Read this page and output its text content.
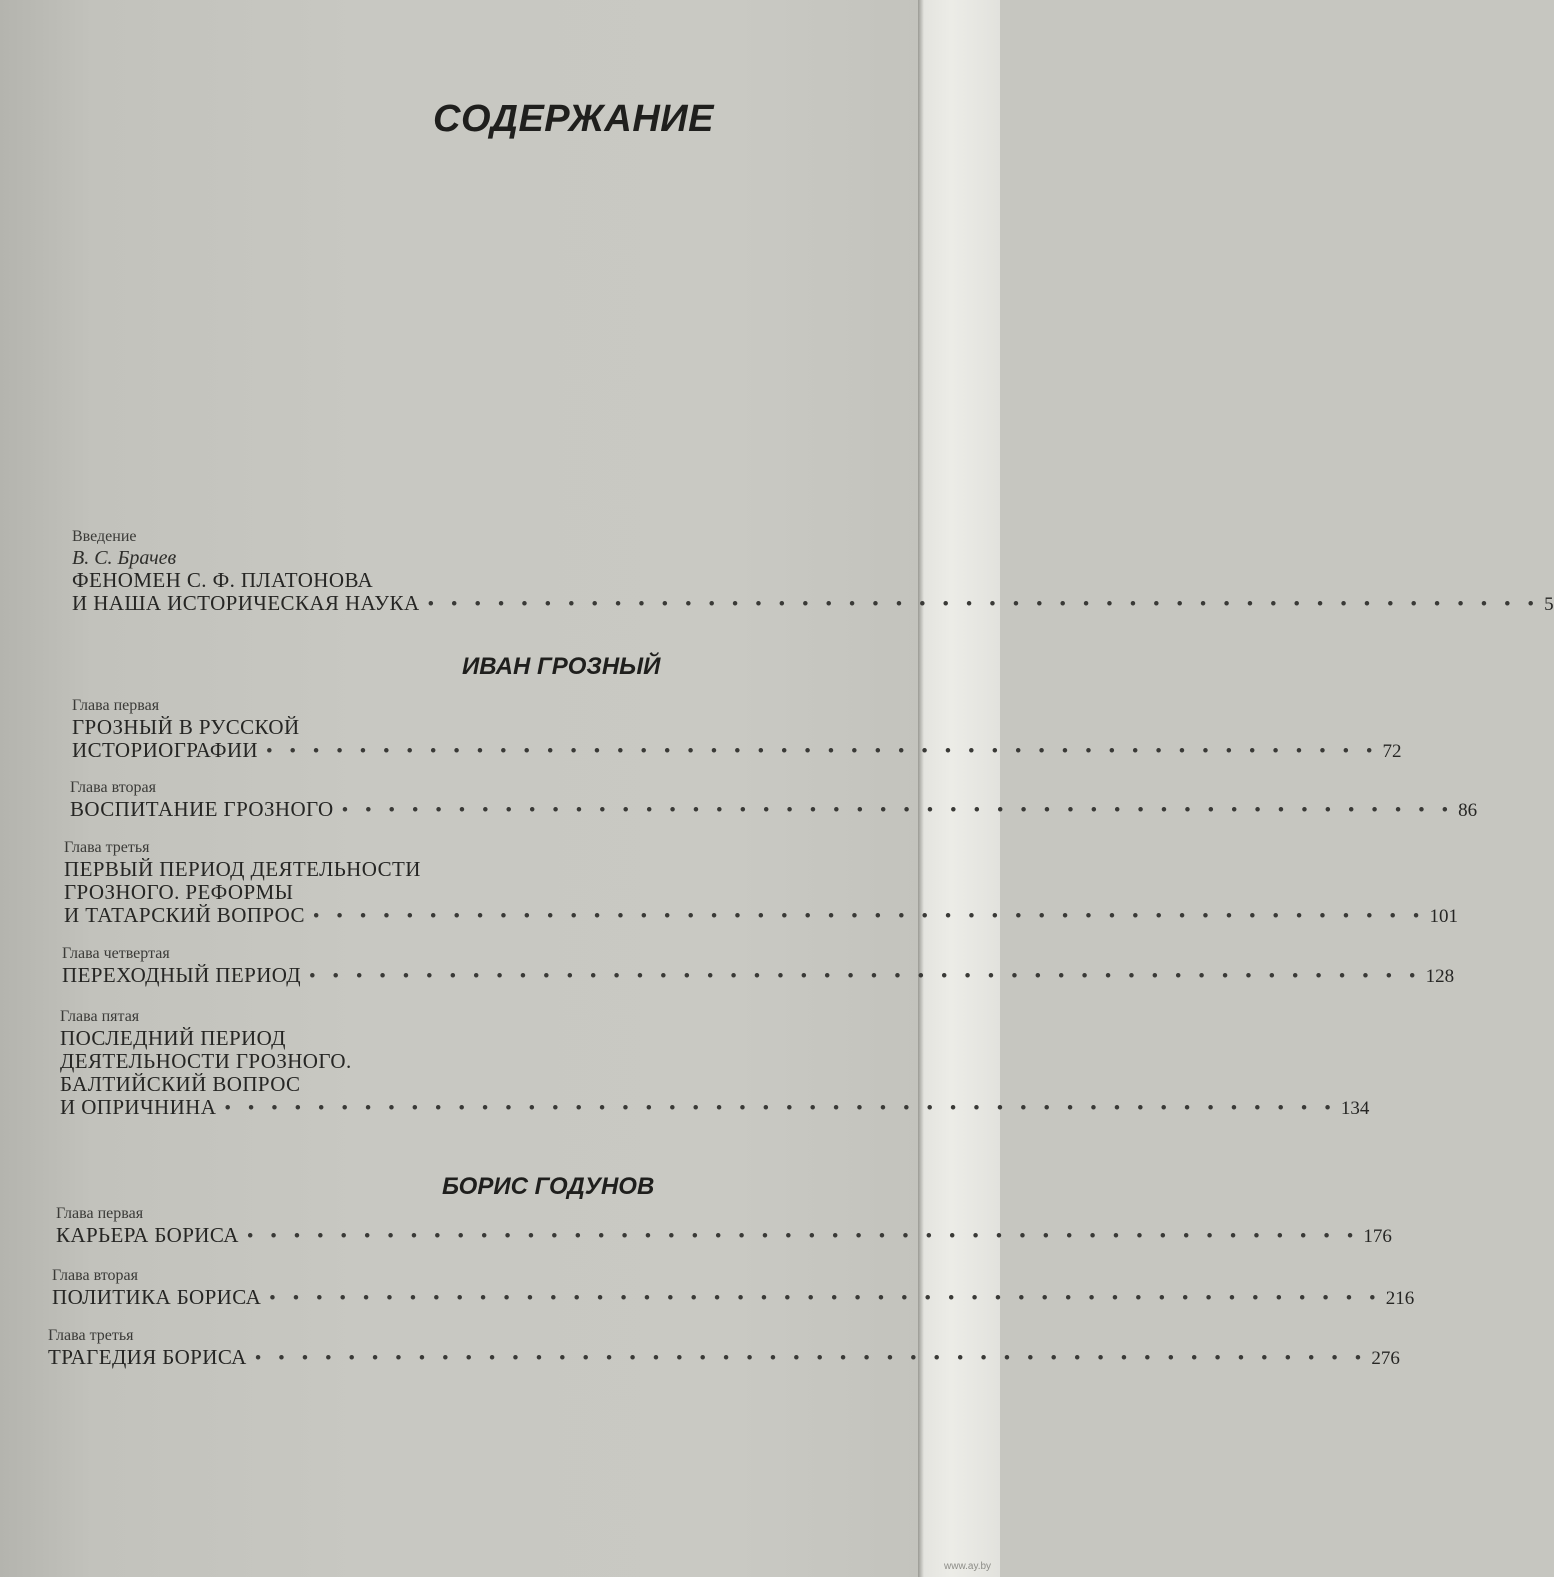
СОДЕРЖАНИЕ
Введение
В. С. Брачев
ФЕНОМЕН С. Ф. ПЛАТОНОВА
И НАША ИСТОРИЧЕСКАЯ НАУКА • • • • • • • • • • • • • • • • • • • • • • • • • • • • • • • • • • • • • • • • • • • • • • • • 5
ИВАН ГРОЗНЫЙ
Глава первая
ГРОЗНЫЙ В РУССКОЙ
ИСТОРИОГРАФИИ • • • • • • • • • • • • • • • • • • • • • • • • • • • • • • • • • • • • • • • • • • • • • • • • 72
Глава вторая
ВОСПИТАНИЕ ГРОЗНОГО • • • • • • • • • • • • • • • • • • • • • • • • • • • • • • • • • • • • • • • • • • • • • • • • 86
Глава третья
ПЕРВЫЙ ПЕРИОД ДЕЯТЕЛЬНОСТИ
ГРОЗНОГО. РЕФОРМЫ
И ТАТАРСКИЙ ВОПРОС • • • • • • • • • • • • • • • • • • • • • • • • • • • • • • • • • • • • • • • • • • • • • • • • 101
Глава четвертая
ПЕРЕХОДНЫЙ ПЕРИОД • • • • • • • • • • • • • • • • • • • • • • • • • • • • • • • • • • • • • • • • • • • • • • • • 128
Глава пятая
ПОСЛЕДНИЙ ПЕРИОД
ДЕЯТЕЛЬНОСТИ ГРОЗНОГО.
БАЛТИЙСКИЙ ВОПРОС
И ОПРИЧНИНА • • • • • • • • • • • • • • • • • • • • • • • • • • • • • • • • • • • • • • • • • • • • • • • • 134
БОРИС ГОДУНОВ
Глава первая
КАРЬЕРА БОРИСА • • • • • • • • • • • • • • • • • • • • • • • • • • • • • • • • • • • • • • • • • • • • • • • • 176
Глава вторая
ПОЛИТИКА БОРИСА • • • • • • • • • • • • • • • • • • • • • • • • • • • • • • • • • • • • • • • • • • • • • • • • 216
Глава третья
ТРАГЕДИЯ БОРИСА • • • • • • • • • • • • • • • • • • • • • • • • • • • • • • • • • • • • • • • • • • • • • • • • 276
www.ay.by
